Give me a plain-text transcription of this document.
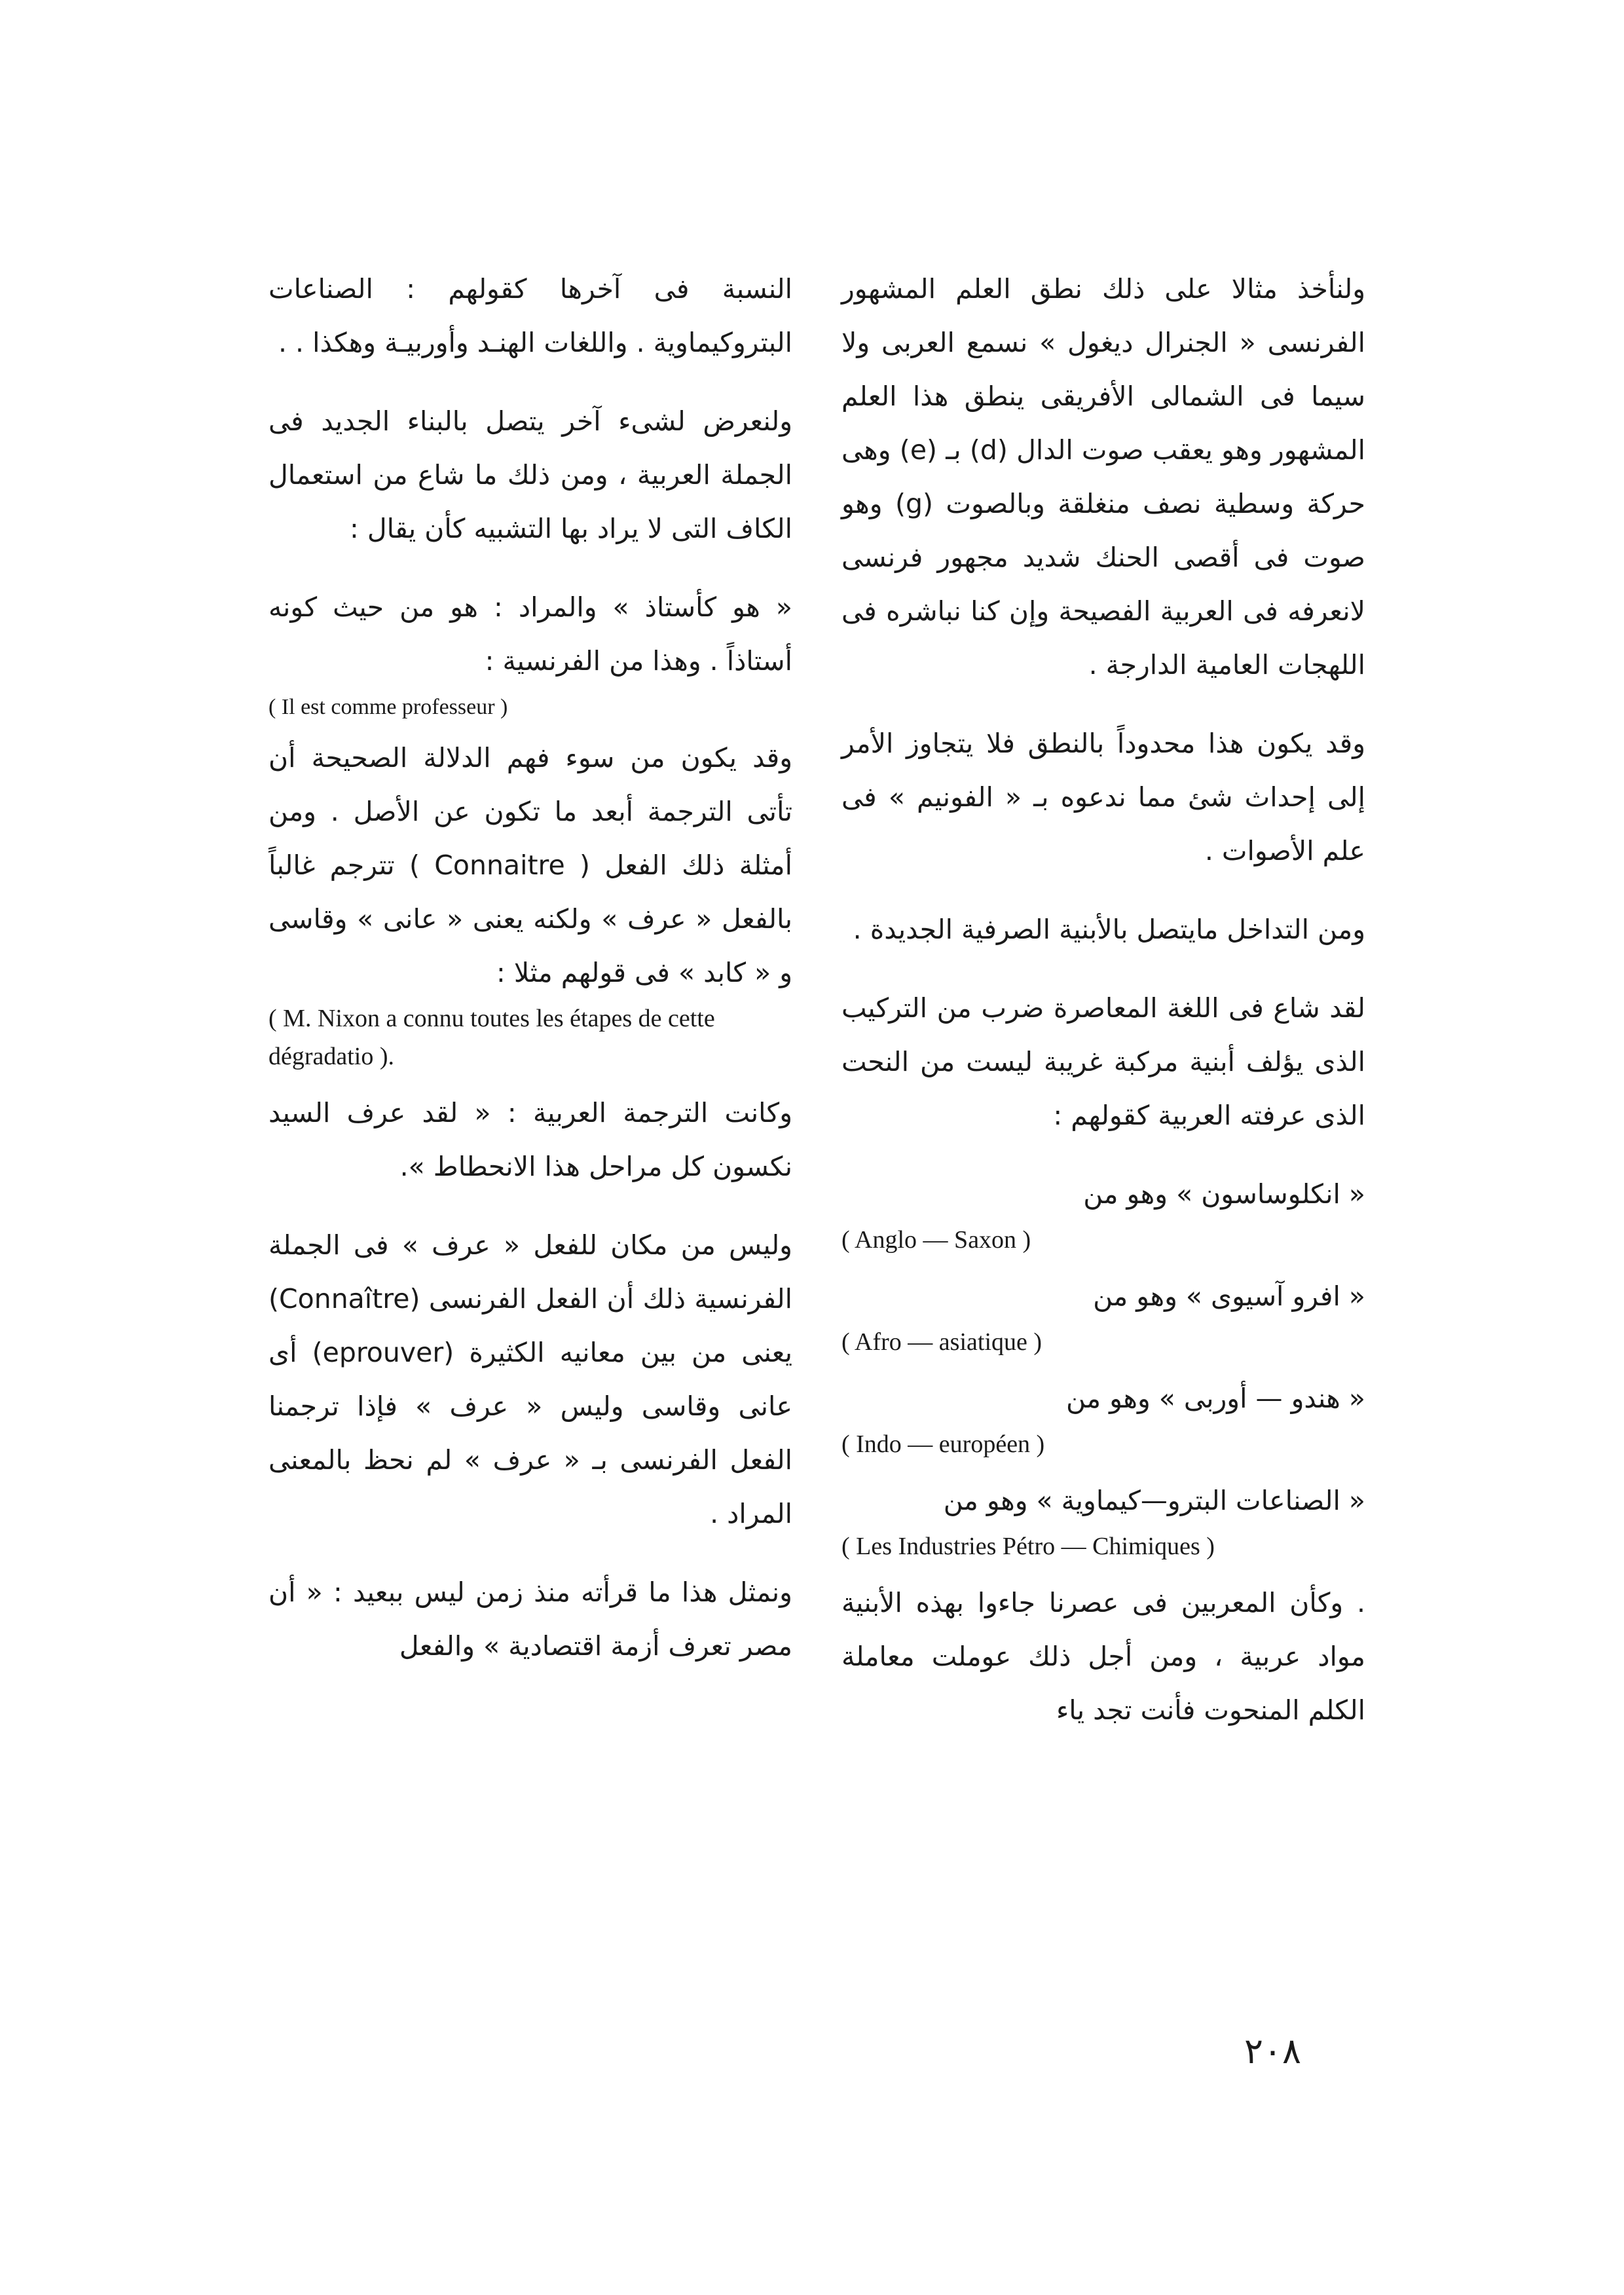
ولنأخذ مثالا على ذلك نطق العلم المشهور الفرنسى « الجنرال ديغول » نسمع العربى ولا سيما فى الشمالى الأفريقى ينطق هذا العلم المشهور وهو يعقب صوت الدال (d) بـ (e) وهى حركة وسطية نصف منغلقة وبالصوت (g) وهو صوت فى أقصى الحنك شديد مجهور فرنسى لانعرفه فى العربية الفصيحة وإن كنا نباشره فى اللهجات العامية الدارجة .

وقد يكون هذا محدوداً بالنطق فلا يتجاوز الأمر إلى إحداث شئ مما ندعوه بـ « الفونيم » فى علم الأصوات .

ومن التداخل مايتصل بالأبنية الصرفية الجديدة .

لقد شاع فى اللغة المعاصرة ضرب من التركيب الذى يؤلف أبنية مركبة غريبة ليست من النحت الذى عرفته العربية كقولهم :

« انكلوساسون » وهو من

( Anglo — Saxon )

« افرو آسيوى » وهو من

( Afro — asiatique )

« هندو — أوربى » وهو من

( Indo — européen )

« الصناعات البترو—كيماوية » وهو من

( Les Industries Pétro — Chimiques )

. وكأن المعربين فى عصرنا جاءوا بهذه الأبنية مواد عربية ، ومن أجل ذلك عوملت معاملة الكلم المنحوت فأنت تجد ياء

النسبة فى آخرها كقولهم : الصناعات البتروكيماوية . واللغات الهنـد وأوربيـة وهكذا . .

ولنعرض لشىء آخر يتصل بالبناء الجديد فى الجملة العربية ، ومن ذلك ما شاع من استعمال الكاف التى لا يراد بها التشبيه كأن يقال :

« هو كأستاذ » والمراد : هو من حيث كونه أستاذاً . وهذا من الفرنسية :

( Il est comme professeur )

وقد يكون من سوء فهم الدلالة الصحيحة أن تأتى الترجمة أبعد ما تكون عن الأصل . ومن أمثلة ذلك الفعل ( Connaitre ) تترجم غالباً بالفعل « عرف » ولكنه يعنى « عانى » وقاسى و « كابد » فى قولهم مثلا :

( M. Nixon a connu toutes les étapes de cette dégradatio ).

وكانت الترجمة العربية : « لقد عرف السيد نكسون كل مراحل هذا الانحطاط ».

وليس من مكان للفعل « عرف » فى الجملة الفرنسية ذلك أن الفعل الفرنسى (Connaître) يعنى من بين معانيه الكثيرة (eprouver) أى عانى وقاسى وليس « عرف » فإذا ترجمنا الفعل الفرنسى بـ « عرف » لم نحظ بالمعنى المراد .

ونمثل هذا ما قرأته منذ زمن ليس ببعيد : « أن مصر تعرف أزمة اقتصادية » والفعل

٢٠٨
